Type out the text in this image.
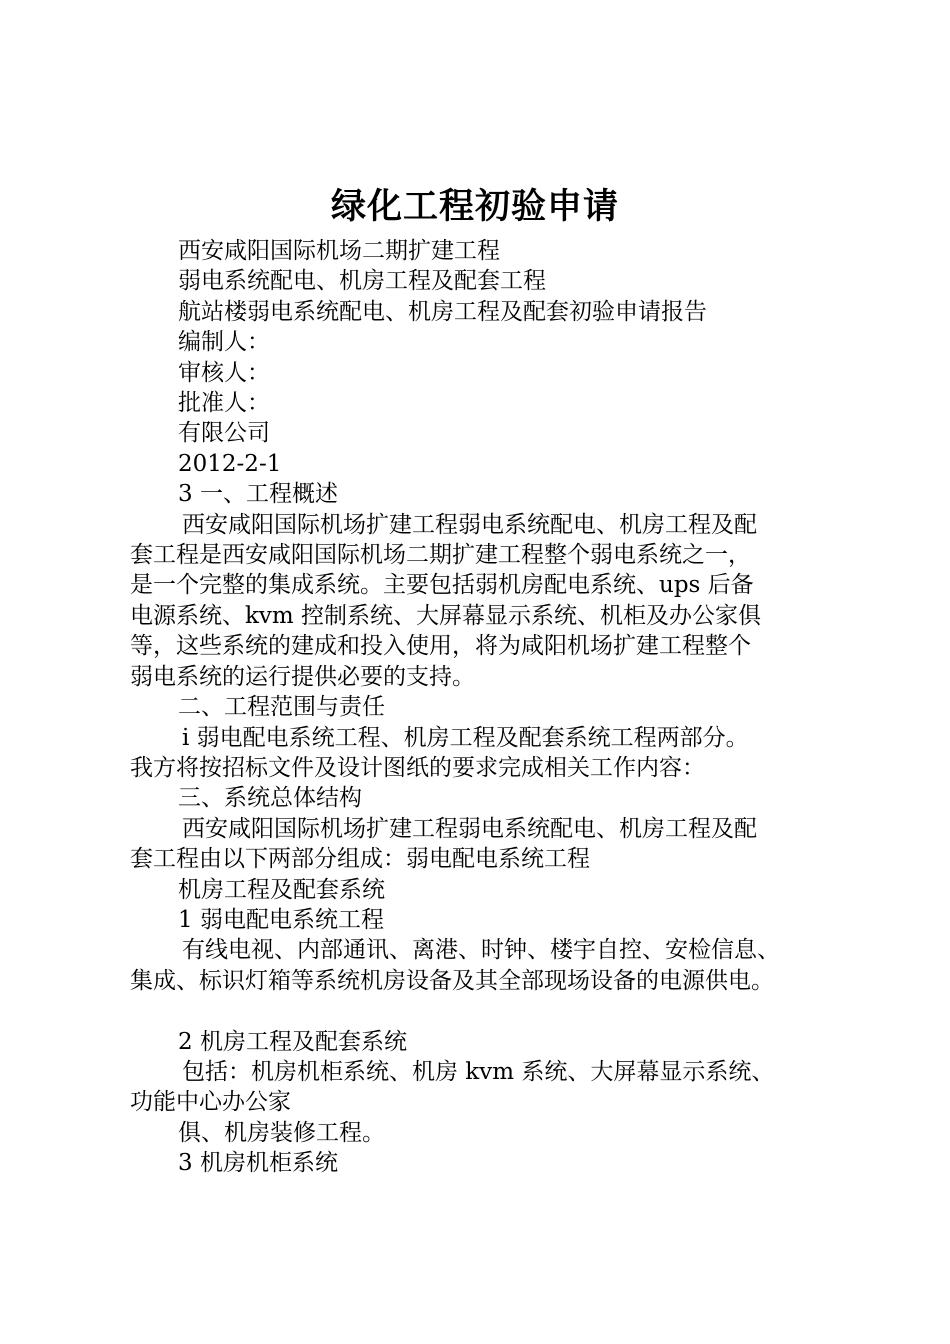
绿化工程初验申请

西安咸阳国际机场二期扩建工程

弱电系统配电、机房工程及配套工程

航站楼弱电系统配电、机房工程及配套初验申请报告

编制人：

审核人：

批准人：

有限公司

2012-2-1

3 一、工程概述

西安咸阳国际机场扩建工程弱电系统配电、机房工程及配

套工程是西安咸阳国际机场二期扩建工程整个弱电系统之一，

是一个完整的集成系统。主要包括弱机房配电系统、ups 后备

电源系统、kvm 控制系统、大屏幕显示系统、机柜及办公家俱

等，这些系统的建成和投入使用，将为咸阳机场扩建工程整个

弱电系统的运行提供必要的支持。

二、工程范围与责任

i 弱电配电系统工程、机房工程及配套系统工程两部分。

我方将按招标文件及设计图纸的要求完成相关工作内容：

三、系统总体结构

西安咸阳国际机场扩建工程弱电系统配电、机房工程及配

套工程由以下两部分组成：弱电配电系统工程

机房工程及配套系统

1 弱电配电系统工程

有线电视、内部通讯、离港、时钟、楼宇自控、安检信息、

集成、标识灯箱等系统机房设备及其全部现场设备的电源供电。

2 机房工程及配套系统

包括：机房机柜系统、机房 kvm 系统、大屏幕显示系统、

功能中心办公家

俱、机房装修工程。

3 机房机柜系统
